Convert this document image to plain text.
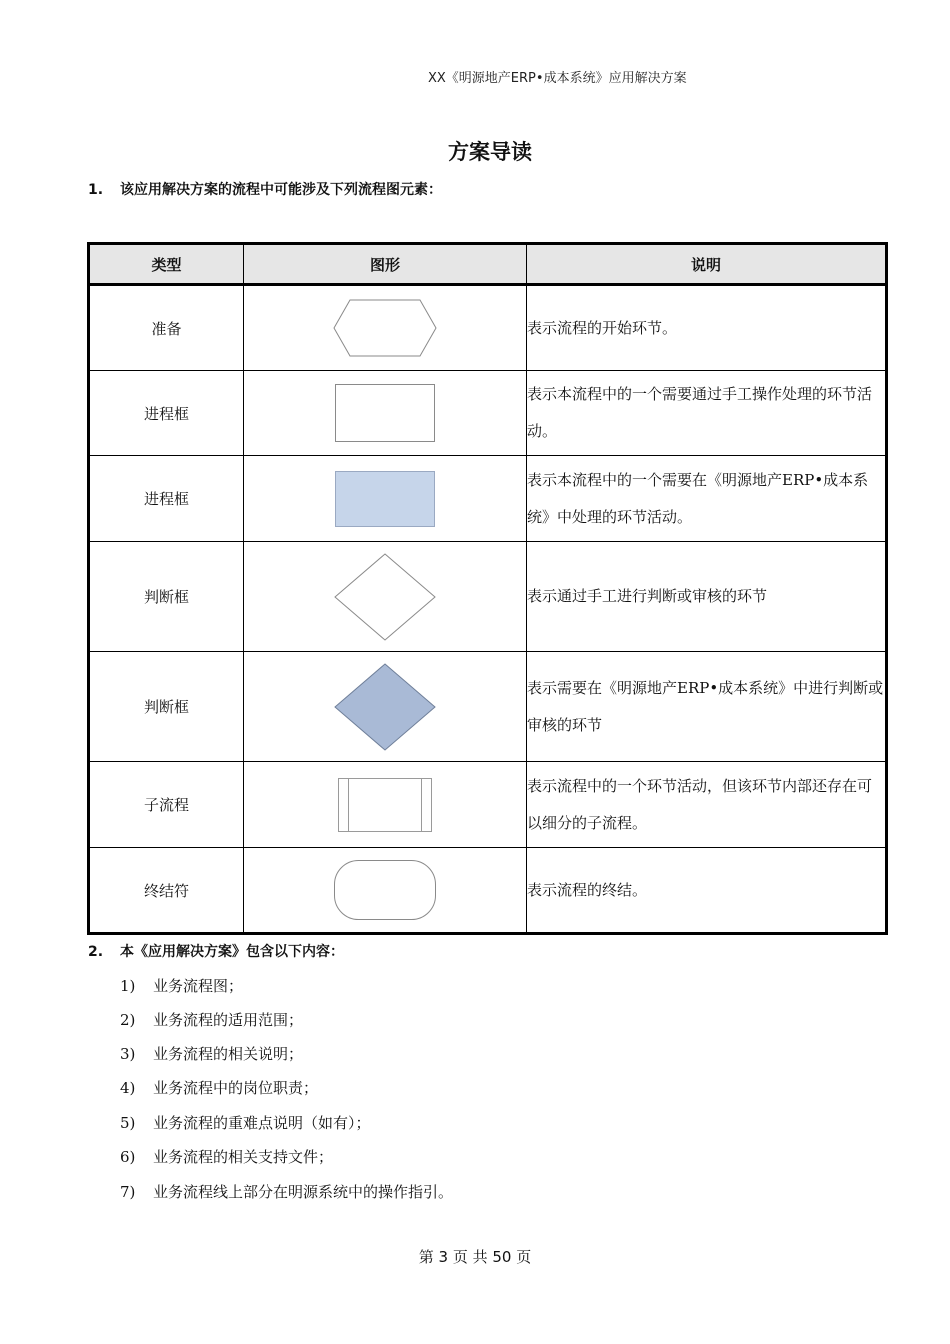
XX《明源地产ERP•成本系统》应用解决方案
方案导读
1. 该应用解决方案的流程中可能涉及下列流程图元素：
类型	图形	说明
准备		表示流程的开始环节。
进程框		表示本流程中的一个需要通过手工操作处理的环节活动。
进程框		表示本流程中的一个需要在《明源地产ERP•成本系统》中处理的环节活动。
判断框		表示通过手工进行判断或审核的环节
判断框		表示需要在《明源地产ERP•成本系统》中进行判断或审核的环节
子流程		表示流程中的一个环节活动，但该环节内部还存在可以细分的子流程。
终结符		表示流程的终结。
2. 本《应用解决方案》包含以下内容：
1) 业务流程图；
2) 业务流程的适用范围；
3) 业务流程的相关说明；
4) 业务流程中的岗位职责；
5) 业务流程的重难点说明（如有）；
6) 业务流程的相关支持文件；
7) 业务流程线上部分在明源系统中的操作指引。
第 3 页 共 50 页
